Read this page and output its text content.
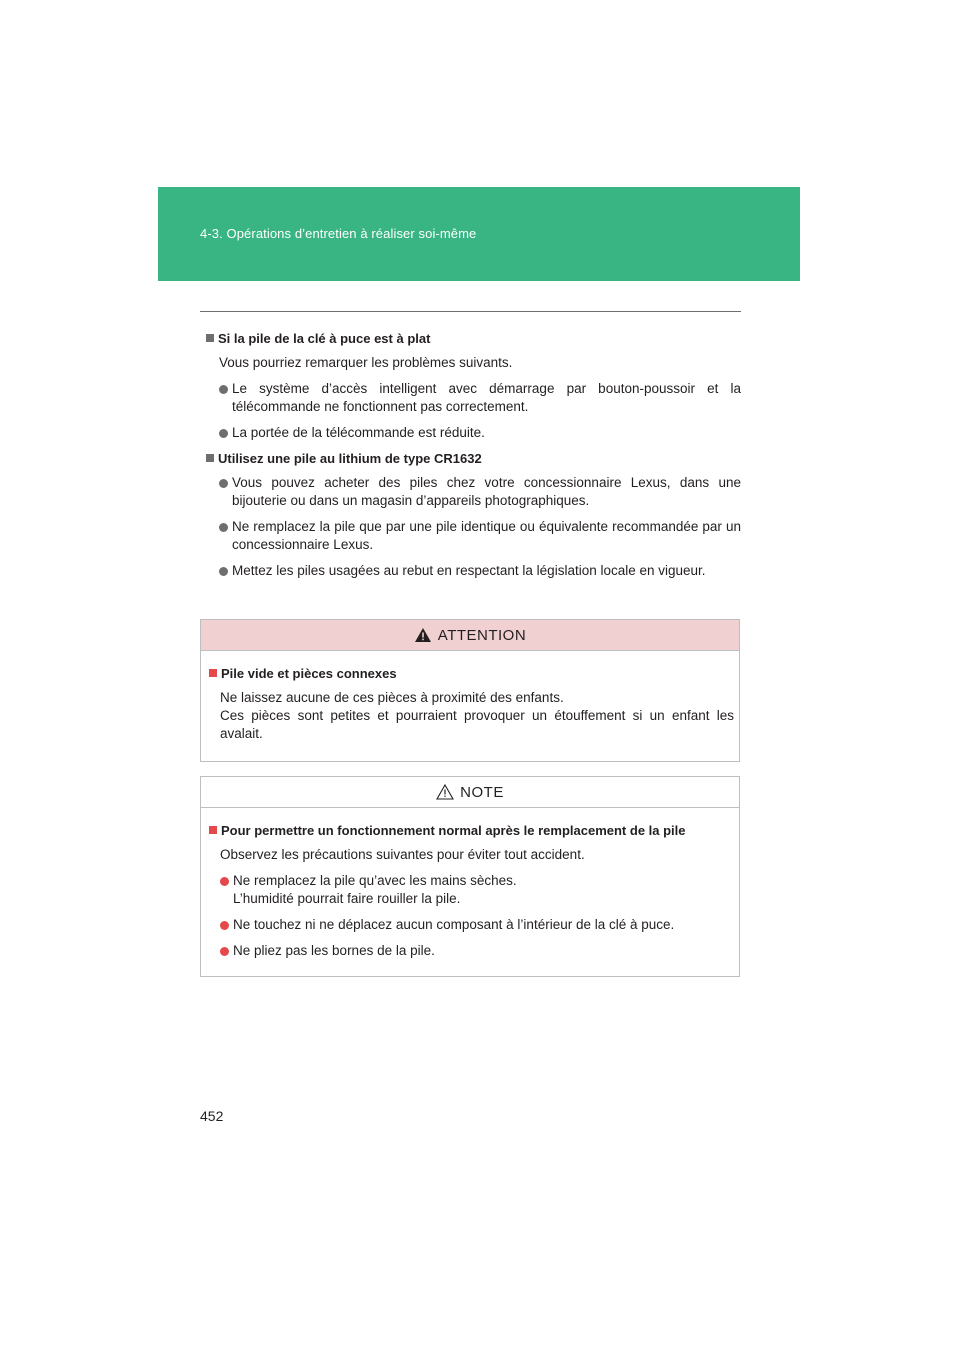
4-3. Opérations d’entretien à réaliser soi-même
Si la pile de la clé à puce est à plat
Vous pourriez remarquer les problèmes suivants.
Le système d’accès intelligent avec démarrage par bouton-poussoir et la télécommande ne fonctionnent pas correctement.
La portée de la télécommande est réduite.
Utilisez une pile au lithium de type CR1632
Vous pouvez acheter des piles chez votre concessionnaire Lexus, dans une bijouterie ou dans un magasin d’appareils photographiques.
Ne remplacez la pile que par une pile identique ou équivalente recommandée par un concessionnaire Lexus.
Mettez les piles usagées au rebut en respectant la législation locale en vigueur.
ATTENTION
Pile vide et pièces connexes
Ne laissez aucune de ces pièces à proximité des enfants.
Ces pièces sont petites et pourraient provoquer un étouffement si un enfant les avalait.
NOTE
Pour permettre un fonctionnement normal après le remplacement de la pile
Observez les précautions suivantes pour éviter tout accident.
Ne remplacez la pile qu’avec les mains sèches.
L’humidité pourrait faire rouiller la pile.
Ne touchez ni ne déplacez aucun composant à l’intérieur de la clé à puce.
Ne pliez pas les bornes de la pile.
452
